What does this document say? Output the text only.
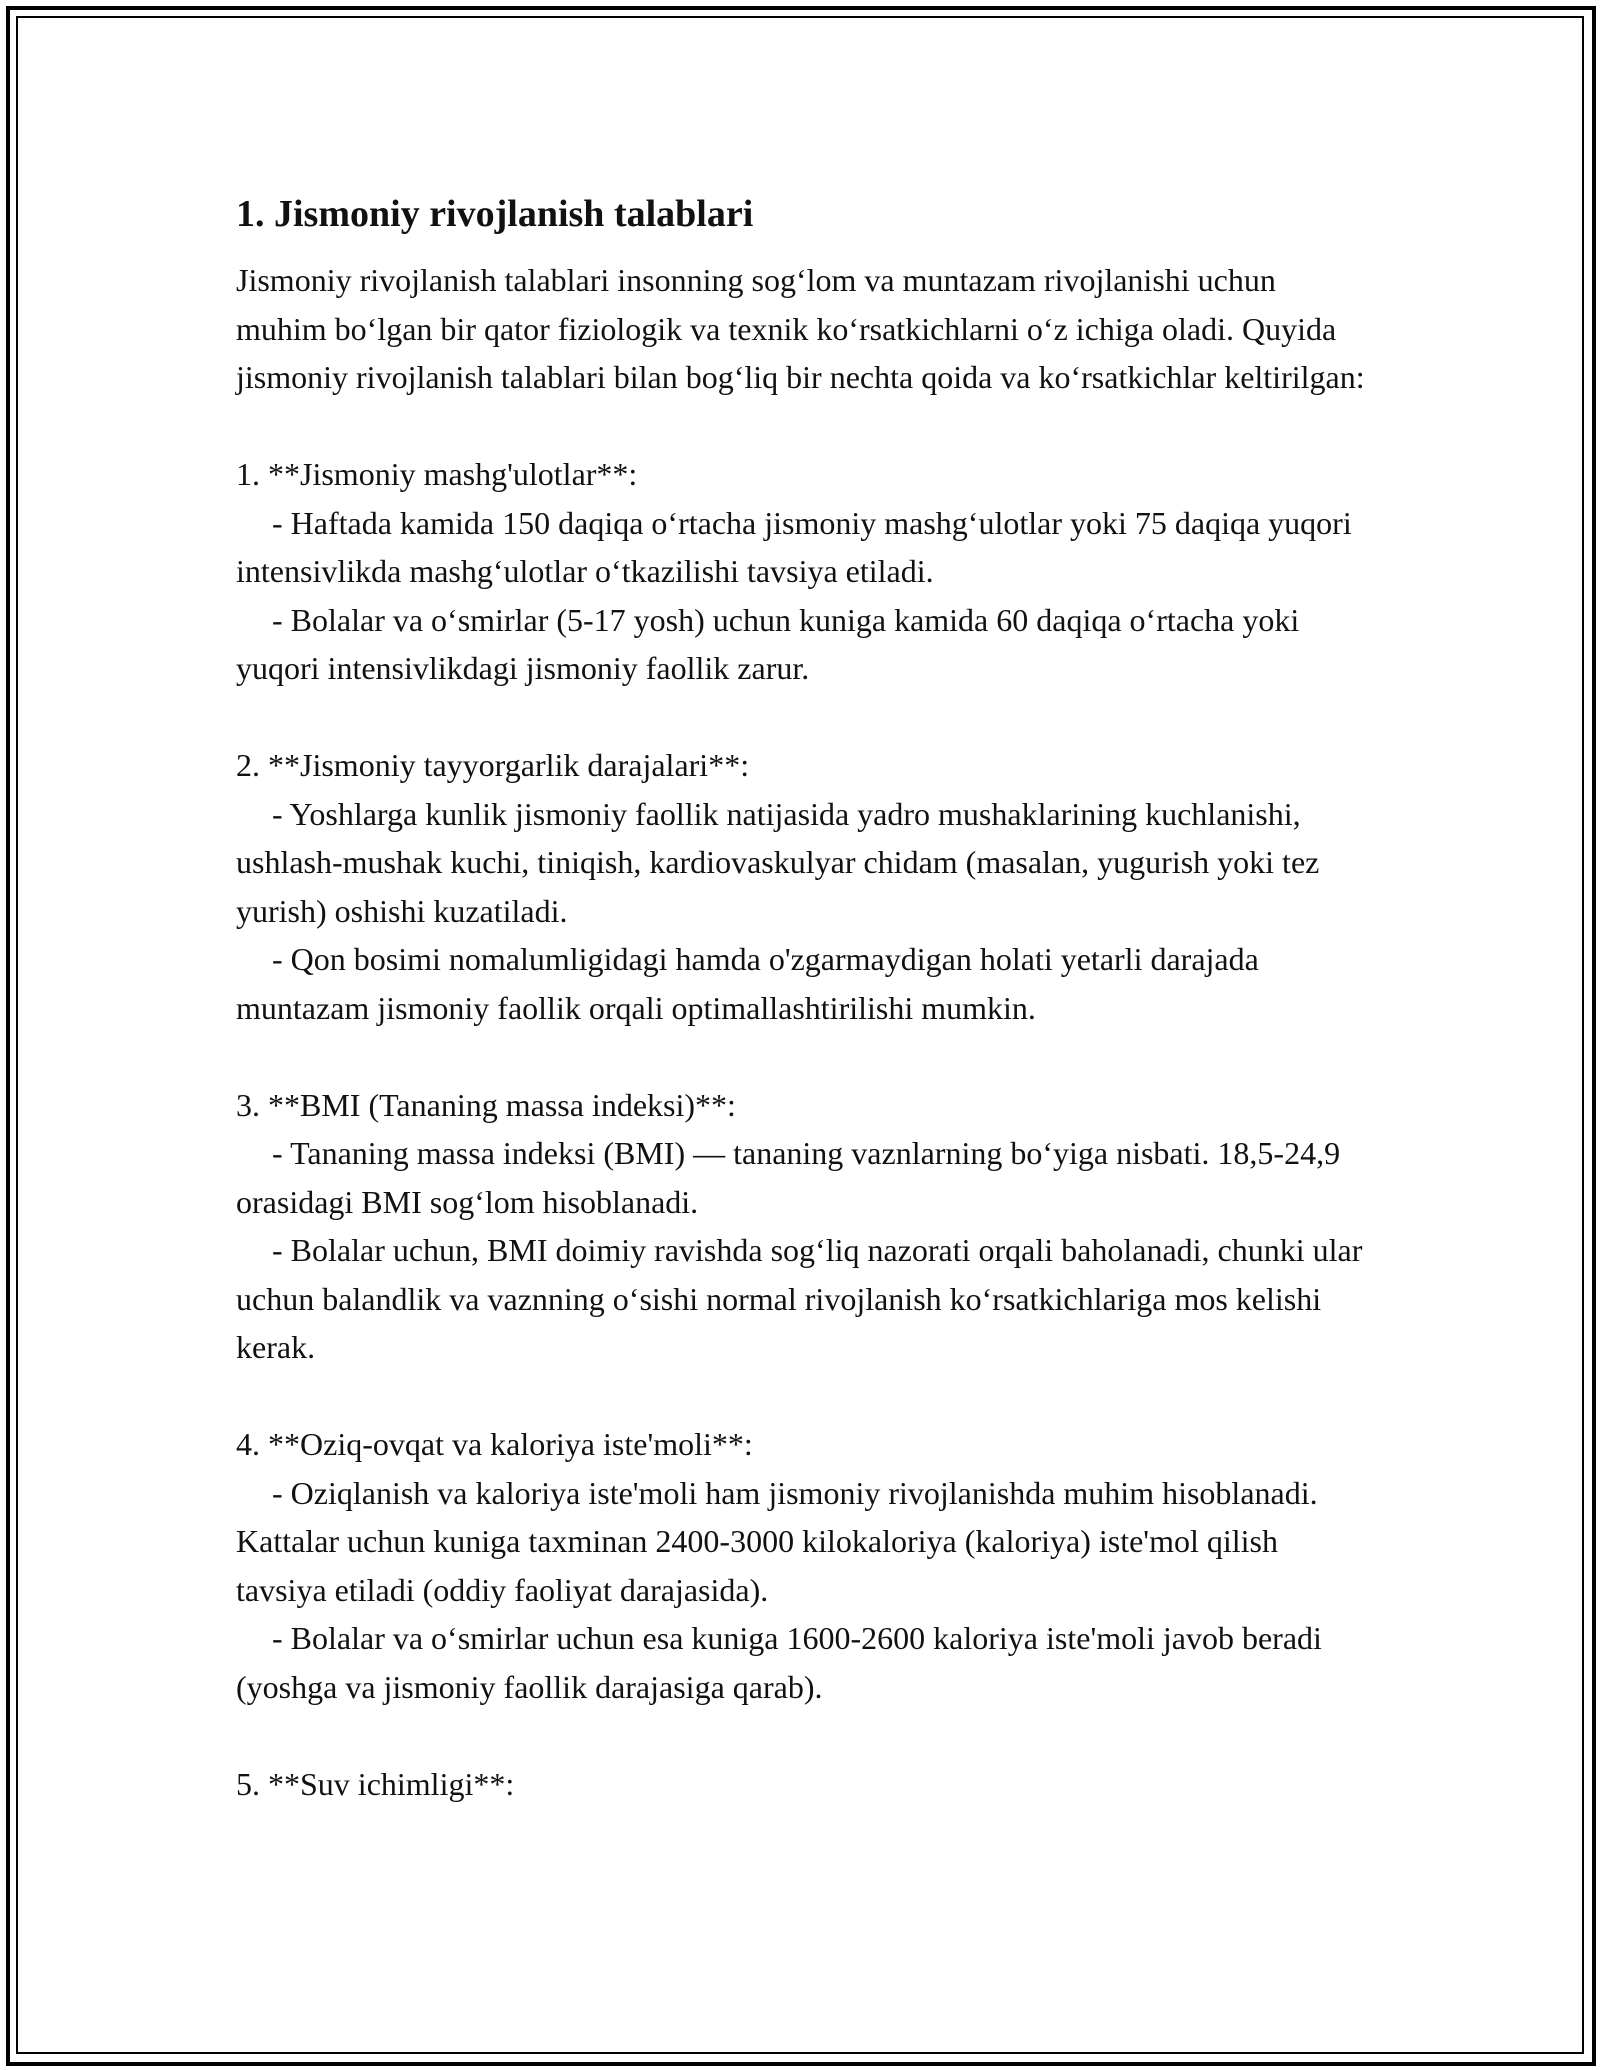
1. Jismoniy rivojlanish talablari

Jismoniy rivojlanish talablari insonning sog‘lom va muntazam rivojlanishi uchun muhim bo‘lgan bir qator fiziologik va texnik ko‘rsatkichlarni o‘z ichiga oladi. Quyida jismoniy rivojlanish talablari bilan bog‘liq bir nechta qoida va ko‘rsatkichlar keltirilgan:

1. **Jismoniy mashg'ulotlar**:
- Haftada kamida 150 daqiqa o‘rtacha jismoniy mashg‘ulotlar yoki 75 daqiqa yuqori intensivlikda mashg‘ulotlar o‘tkazilishi tavsiya etiladi.
- Bolalar va o‘smirlar (5-17 yosh) uchun kuniga kamida 60 daqiqa o‘rtacha yoki yuqori intensivlikdagi jismoniy faollik zarur.
2. **Jismoniy tayyorgarlik darajalari**:
- Yoshlarga kunlik jismoniy faollik natijasida yadro mushaklarining kuchlanishi, ushlash-mushak kuchi, tiniqish, kardiovaskulyar chidam (masalan, yugurish yoki tez yurish) oshishi kuzatiladi.
- Qon bosimi nomalumligidagi hamda o'zgarmaydigan holati yetarli darajada muntazam jismoniy faollik orqali optimallashtirilishi mumkin.
3. **BMI (Tananing massa indeksi)**:
- Tananing massa indeksi (BMI) — tananing vaznlarning bo‘yiga nisbati. 18,5-24,9 orasidagi BMI sog‘lom hisoblanadi.
- Bolalar uchun, BMI doimiy ravishda sog‘liq nazorati orqali baholanadi, chunki ular uchun balandlik va vaznning o‘sishi normal rivojlanish ko‘rsatkichlariga mos kelishi kerak.
4. **Oziq-ovqat va kaloriya iste'moli**:
- Oziqlanish va kaloriya iste'moli ham jismoniy rivojlanishda muhim hisoblanadi. Kattalar uchun kuniga taxminan 2400-3000 kilokaloriya (kaloriya) iste'mol qilish tavsiya etiladi (oddiy faoliyat darajasida).
- Bolalar va o‘smirlar uchun esa kuniga 1600-2600 kaloriya iste'moli javob beradi (yoshga va jismoniy faollik darajasiga qarab).
5. **Suv ichimligi**:
